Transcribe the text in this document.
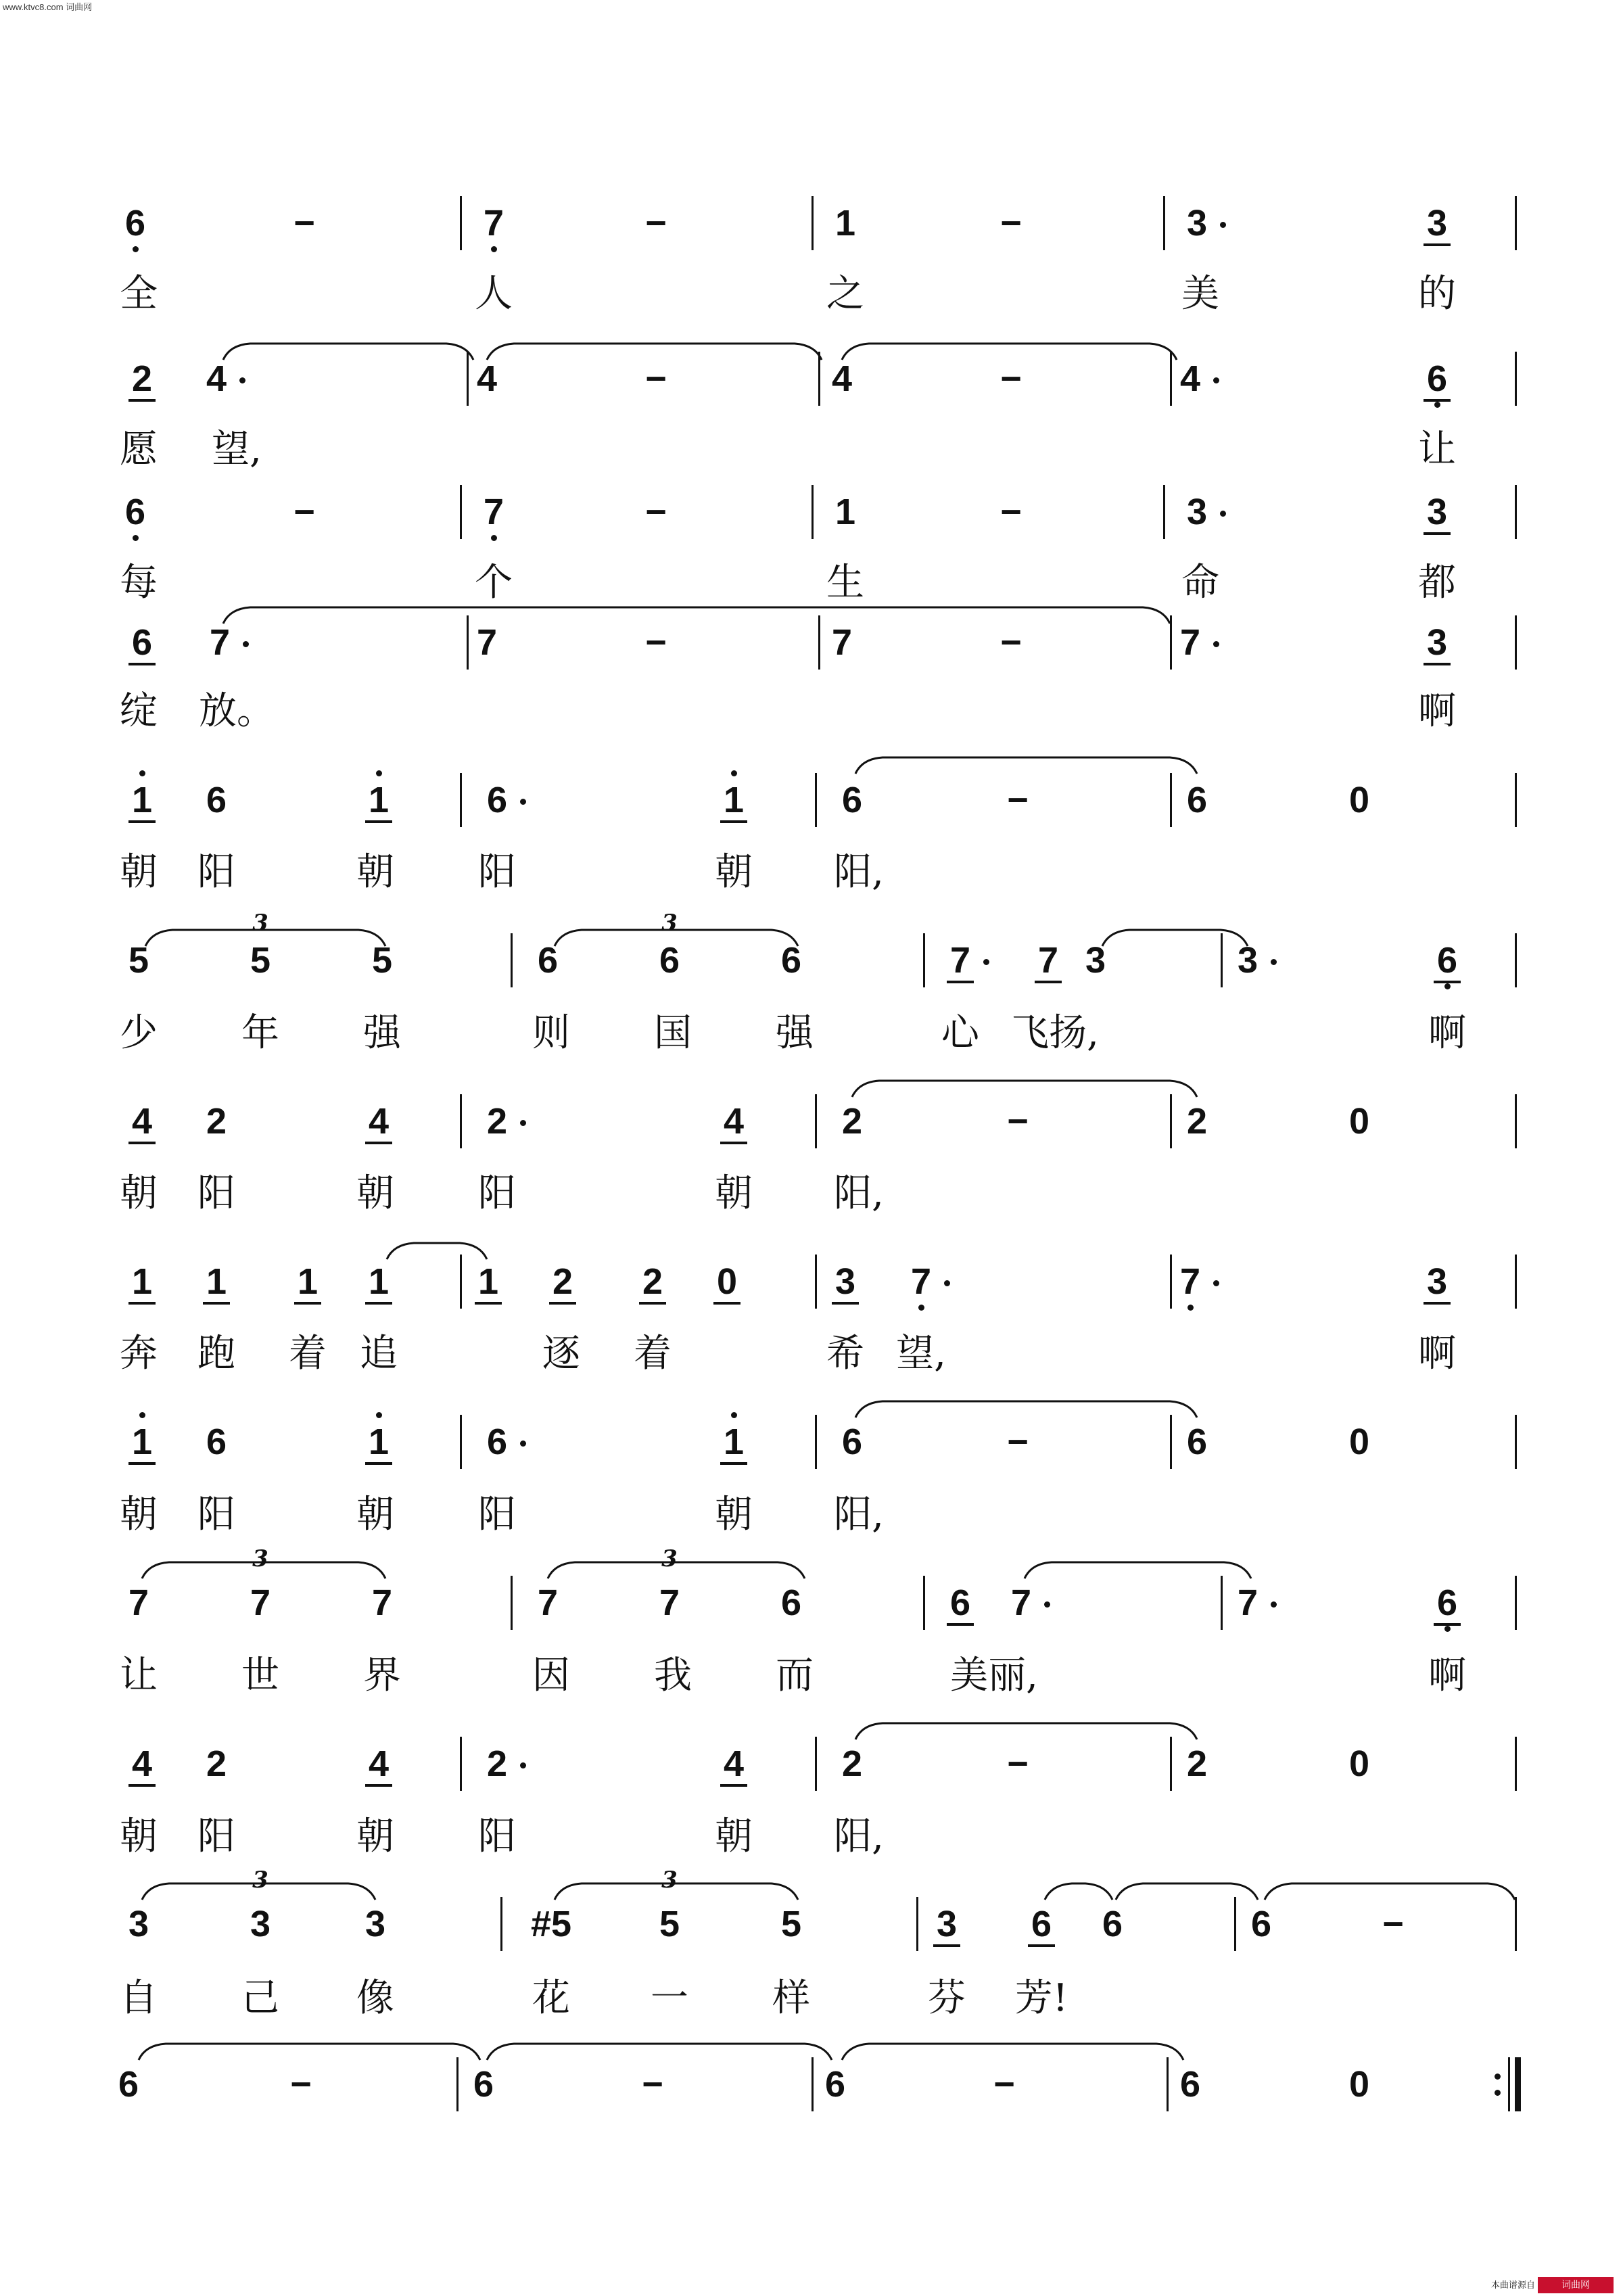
www.ktvc8.com 词曲网
6	−	7	−	1	−	3	3
全	人	之	美	的
2 4	4	−	4	−	4	6
愿 望,	让
6	−	7	−	1	−	3	3
每	个	生	命	都
6 7	7	−	7	−	7	3
绽 放。	啊
1 6	1	6	1	6	−	6	0
朝 阳	朝 阳	朝 阳,
5	5	5	6	6	6	7 7 3	3	6
少 年 强	则 国 强	心 飞扬,	啊
4 2	4	2	4	2	−	2	0
朝 阳	朝 阳	朝 阳,
1 1 1 1 1 2 2 0	3 7	7	3
奔 跑 着 追	逐 着	希 望,	啊
1 6	1	6	1	6	−	6	0
朝 阳	朝 阳	朝 阳,
7	7	7	7	7	6	6 7	7	6
让 世 界	因 我 而	美丽,	啊
4 2	4	2	4	2	−	2	0
朝 阳	朝 阳	朝 阳,
3	3	3	#5 5	5	3 6 6	6	−
自 己 像	花 一 样	芬 芳!
6	−	6	−	6	−	6	0
3	3
3	3
3	3
本曲谱源自	词曲网
